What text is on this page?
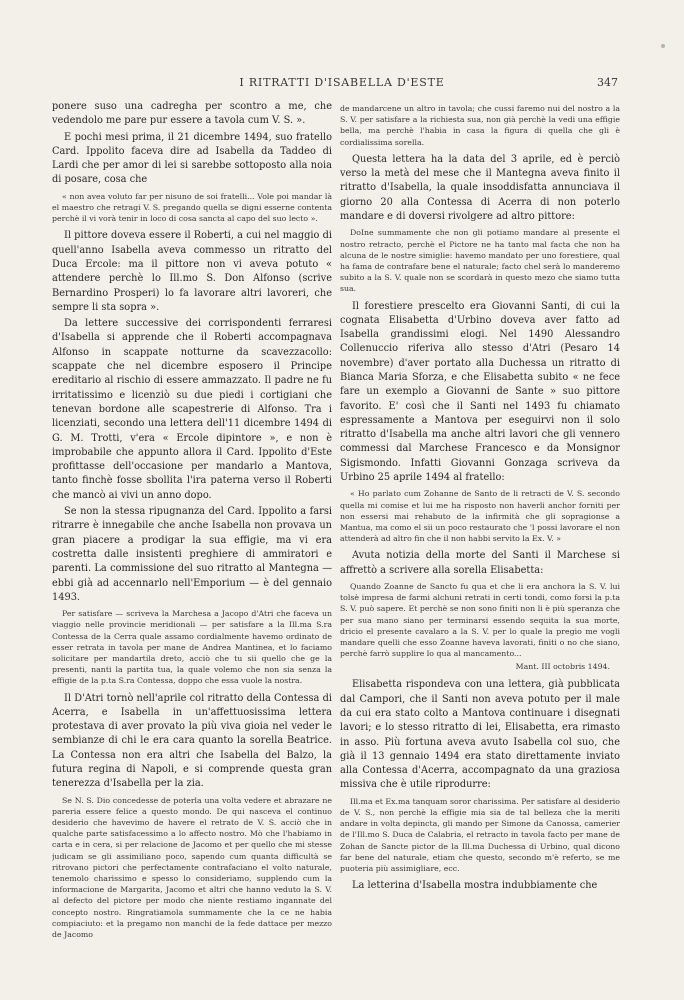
I RITRATTI D'ISABELLA D'ESTE	347

ponere suso una cadregha per scontro a me, che vedendolo me pare pur essere a tavola cum V. S. ».

E pochi mesi prima, il 21 dicembre 1494, suo fratello Card. Ippolito faceva dire ad Isabella da Taddeo di Lardi che per amor di lei si sarebbe sottoposto alla noia di posare, cosa che

« non avea voluto far per nisuno de soi fratelli... Vole poi mandar là el maestro che retragi V. S. pregando quella se digni esserne contenta perchè il vi vorà tenir in loco di cosa sancta al capo del suo lecto ».

Il pittore doveva essere il Roberti, a cui nel maggio di quell'anno Isabella aveva commesso un ritratto del Duca Ercole: ma il pittore non vi aveva potuto « attendere perchè lo Ill.mo S. Don Alfonso (scrive Bernardino Prosperi) lo fa lavorare altri lavoreri, che sempre li sta sopra ».

Da lettere successive dei corrispondenti ferraresi d'Isabella si apprende che il Roberti accompagnava Alfonso in scappate notturne da scavezzacollo: scappate che nel dicembre esposero il Principe ereditario al rischio di essere ammazzato. Il padre ne fu irritatissimo e licenziò su due piedi i cortigiani che tenevan bordone alle scapestrerie di Alfonso. Tra i licenziati, secondo una lettera dell'11 dicembre 1494 di G. M. Trotti, v'era « Ercole dipintore », e non è improbabile che appunto allora il Card. Ippolito d'Este profittasse dell'occasione per mandarlo a Mantova, tanto finchè fosse sbollita l'ira paterna verso il Roberti che mancò ai vivi un anno dopo.

Se non la stessa ripugnanza del Card. Ippolito a farsi ritrarre è innegabile che anche Isabella non provava un gran piacere a prodigar la sua effigie, ma vi era costretta dalle insistenti preghiere di ammiratori e parenti. La commissione del suo ritratto al Mantegna — ebbi già ad accennarlo nell'Emporium — è del gennaio 1493.

Per satisfare — scriveva la Marchesa a Jacopo d'Atri che faceva un viaggio nelle provincie meridionali — per satisfare a la Ill.ma S.ra Contessa de la Cerra quale assamo cordialmente havemo ordinato de esser retrata in tavola per mane de Andrea Mantinea, et lo faciamo solicitare per mandartila dreto, acciò che tu sii quello che ge la presenti, nanti la partita tua, la quale volemo che non sia senza la effigie de la p.ta S.ra Contessa, doppo che essa vuole la nostra.

Il D'Atri tornò nell'aprile col ritratto della Contessa di Acerra, e Isabella in un'affettuosissima lettera protestava di aver provato la più viva gioia nel veder le sembianze di chi le era cara quanto la sorella Beatrice. La Contessa non era altri che Isabella del Balzo, la futura regina di Napoli, e si comprende questa gran tenerezza d'Isabella per la zia.

Se N. S. Dio concedesse de poterla una volta vedere et abrazare ne pareria essere felice a questo mondo. De qui nasceva el continuo desiderio che havevimo de havere el retrato de V. S. acciò che in qualche parte satisfacessimo a lo affecto nostro. Mò che l'habiamo in carta e in cera, si per relacione de Jacomo et per quello che mi stesse judicam se gli assimiliano poco, sapendo cum quanta difficultà se ritrovano pictori che perfectamente contrafaciano el volto naturale, tenemolo charissimo e spesso lo consideriamo, supplendo cum la informacione de Margarita, Jacomo et altri che hanno veduto la S. V. al defecto del pictore per modo che niente restiamo ingannate del concepto nostro. Ringratiamola summamente che la ce ne habia compiaciuto: et la pregamo non manchi de la fede dattace per mezzo de Jacomo

de mandarcene un altro in tavola; che cussi faremo nui del nostro a la S. V. per satisfare a la richiesta sua, non già perchè la vedi una effigie bella, ma perchè l'habia in casa la figura di quella che gli è cordialissima sorella.

Questa lettera ha la data del 3 aprile, ed è perciò verso la metà del mese che il Mantegna aveva finito il ritratto d'Isabella, la quale insoddisfatta annunciava il giorno 20 alla Contessa di Acerra di non poterlo mandare e di doversi rivolgere ad altro pittore:

DoIne summamente che non gli potiamo mandare al presente el nostro retracto, perchè el Pictore ne ha tanto mal facta che non ha alcuna de le nostre simiglie: havemo mandato per uno forestiere, qual ha fama de contrafare bene el naturale; facto chel serà lo manderemo subito a la S. V. quale non se scordarà in questo mezo che siamo tutta sua.

Il forestiere prescelto era Giovanni Santi, di cui la cognata Elisabetta d'Urbino doveva aver fatto ad Isabella grandissimi elogi. Nel 1490 Alessandro Collenuccio riferiva allo stesso d'Atri (Pesaro 14 novembre) d'aver portato alla Duchessa un ritratto di Bianca Maria Sforza, e che Elisabetta subito « ne fece fare un exemplo a Giovanni de Sante » suo pittore favorito. E' così che il Santi nel 1493 fu chiamato espressamente a Mantova per eseguirvi non il solo ritratto d'Isabella ma anche altri lavori che gli vennero commessi dal Marchese Francesco e da Monsignor Sigismondo. Infatti Giovanni Gonzaga scriveva da Urbino 25 aprile 1494 al fratello:

« Ho parlato cum Zohanne de Santo de li retracti de V. S. secondo quella mi comise et lui me ha risposto non haverli anchor forniti per non essersi mai rehabuto de la infirmità che gli sopragionse a Mantua, ma como el sii un poco restaurato che 'l possi lavorare el non attenderà ad altro fin che il non habbi servito la Ex. V. »

Avuta notizia della morte del Santi il Marchese si affrettò a scrivere alla sorella Elisabetta:

Quando Zoanne de Sancto fu qua et che li era anchora la S. V. lui tolsè impresa de farmi alchuni retrati in certi tondi, como forsi la p.ta S. V. può sapere. Et perchè se non sono finiti non li è più speranza che per sua mano siano per terminarsi essendo sequita la sua morte, dricio el presente cavalaro a la S. V. per lo quale la pregio me vogli mandare quelli che esso Zoanne haveva lavorati, finiti o no che siano, perchè farrò supplire lo qua al mancamento...

Mant. III octobris 1494.

Elisabetta rispondeva con una lettera, già pubblicata dal Campori, che il Santi non aveva potuto per il male da cui era stato colto a Mantova continuare i disegnati lavori; e lo stesso ritratto di lei, Elisabetta, era rimasto in asso. Più fortuna aveva avuto Isabella col suo, che già il 13 gennaio 1494 era stato direttamente inviato alla Contessa d'Acerra, accompagnato da una graziosa missiva che è utile riprodurre:

Ill.ma et Ex.ma tanquam soror charissima. Per satisfare al desiderio de V. S., non perchè la effigie mia sia de tal belleza che la meriti andare in volta depincta, gli mando per Simone da Canossa, camerier de l'Ill.mo S. Duca de Calabria, el retracto in tavola facto per mane de Zohan de Sancte pictor de la Ill.ma Duchessa di Urbino, qual dicono far bene del naturale, etiam che questo, secondo m'è referto, se me puoteria più assimigliare, ecc.

La letterina d'Isabella mostra indubbiamente che
